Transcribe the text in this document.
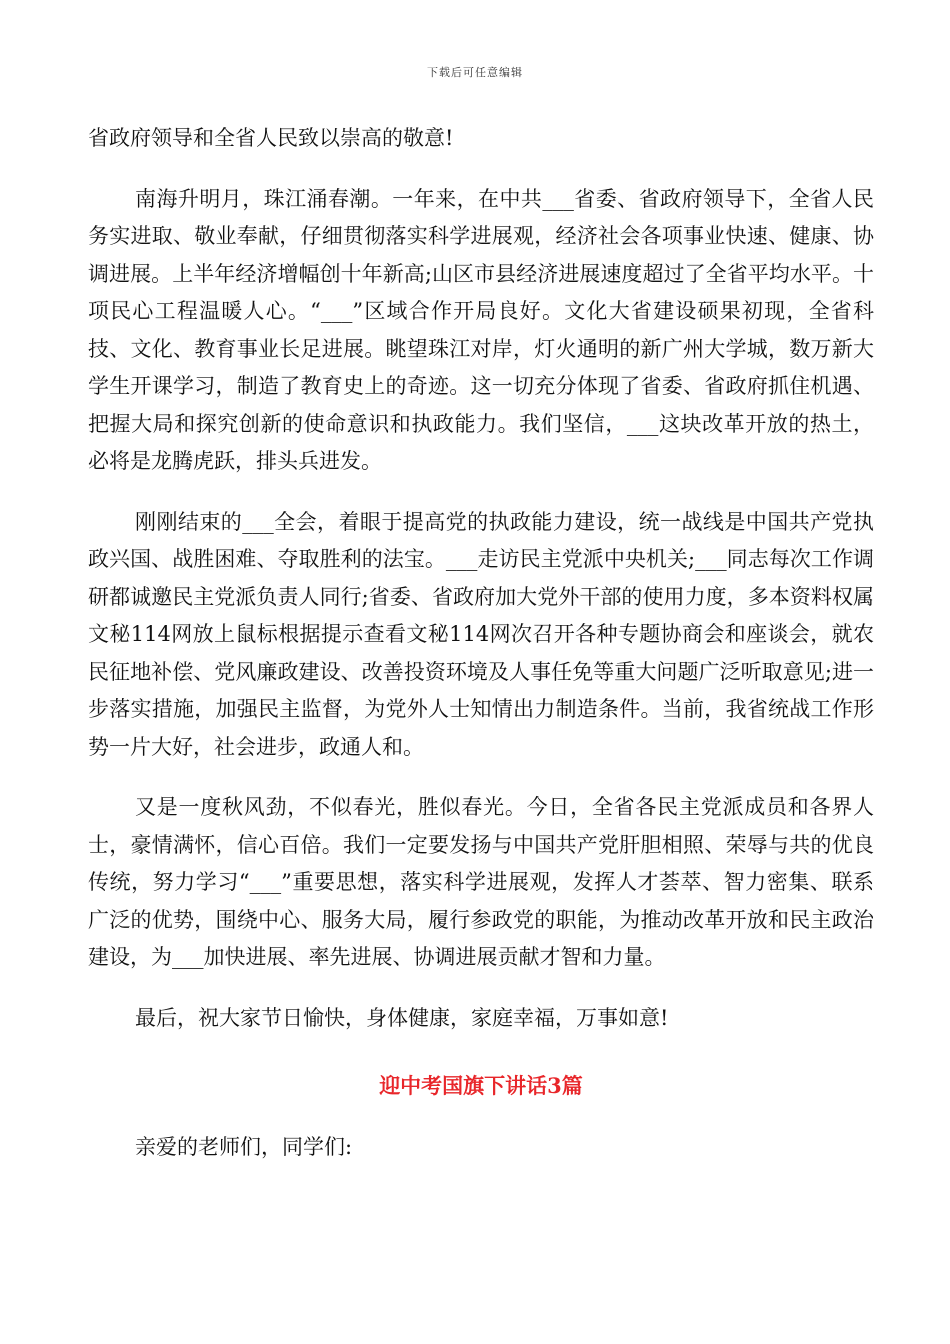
下载后可任意编辑

省政府领导和全省人民致以崇高的敬意!

南海升明月，珠江涌春潮。一年来，在中共___省委、省政府领导下，全省人民务实进取、敬业奉献，仔细贯彻落实科学进展观，经济社会各项事业快速、健康、协调进展。上半年经济增幅创十年新高;山区市县经济进展速度超过了全省平均水平。十项民心工程温暖人心。“___”区域合作开局良好。文化大省建设硕果初现，全省科技、文化、教育事业长足进展。眺望珠江对岸，灯火通明的新广州大学城，数万新大学生开课学习，制造了教育史上的奇迹。这一切充分体现了省委、省政府抓住机遇、把握大局和探究创新的使命意识和执政能力。我们坚信，___这块改革开放的热土，必将是龙腾虎跃，排头兵进发。

刚刚结束的___全会，着眼于提高党的执政能力建设，统一战线是中国共产党执政兴国、战胜困难、夺取胜利的法宝。___走访民主党派中央机关;___同志每次工作调研都诚邀民主党派负责人同行;省委、省政府加大党外干部的使用力度，多本资料权属文秘114网放上鼠标根据提示查看文秘114网次召开各种专题协商会和座谈会，就农民征地补偿、党风廉政建设、改善投资环境及人事任免等重大问题广泛听取意见;进一步落实措施，加强民主监督，为党外人士知情出力制造条件。当前，我省统战工作形势一片大好，社会进步，政通人和。

又是一度秋风劲，不似春光，胜似春光。今日，全省各民主党派成员和各界人士，豪情满怀，信心百倍。我们一定要发扬与中国共产党肝胆相照、荣辱与共的优良传统，努力学习“___”重要思想，落实科学进展观，发挥人才荟萃、智力密集、联系广泛的优势，围绕中心、服务大局，履行参政党的职能，为推动改革开放和民主政治建设，为___加快进展、率先进展、协调进展贡献才智和力量。

最后，祝大家节日愉快，身体健康，家庭幸福，万事如意!

迎中考国旗下讲话3篇

亲爱的老师们，同学们:
